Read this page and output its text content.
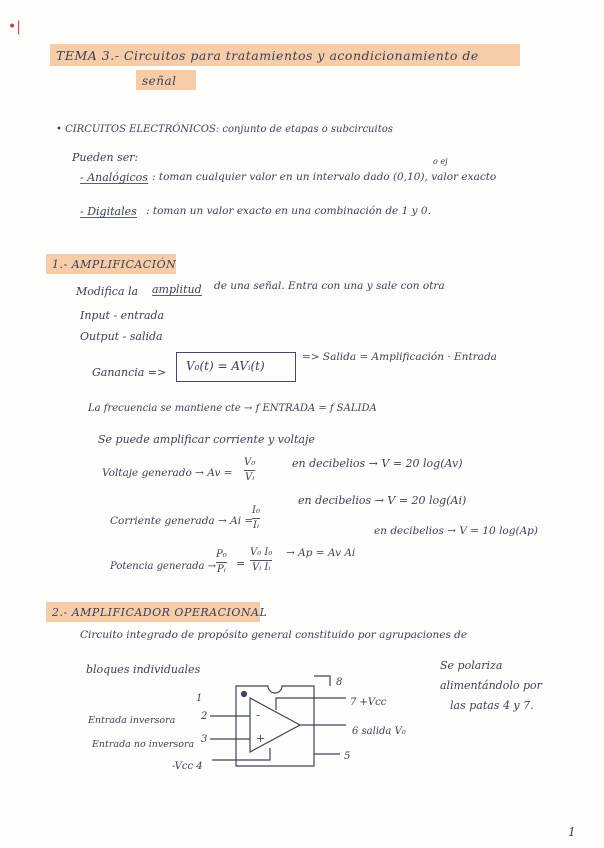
•|
TEMA 3.- Circuitos para tratamientos y acondicionamiento de
señal
• CIRCUITOS ELECTRÓNICOS: conjunto de etapas o subcircuitos
Pueden ser:
- Analógicos : toman cualquier valor en un intervalo dado (0,10), valor exacto
o ej
- Digitales : toman un valor exacto en una combinación de 1 y 0.
1.- AMPLIFICACIÓN
Modifica la amplitud de una señal. Entra con una y sale con otra
Input - entrada
Output - salida
Ganancia => V₀(t) = AVᵢ(t)
=> Salida = Amplificación · Entrada
La frecuencia se mantiene cte → f ENTRADA = f SALIDA
Se puede amplificar corriente y voltaje
Voltaje generado → Av =
V₀
Vᵢ
en decibelios → V = 20 log(Av)
Corriente generada → Ai =
I₀
Iᵢ
en decibelios → V = 20 log(Ai)
Potencia generada →
P₀
Pᵢ =
V₀ I₀
Vᵢ Iᵢ
→ Ap = Av Ai
en decibelios → V = 10 log(Ap)
2.- AMPLIFICADOR OPERACIONAL
Circuito integrado de propósito general constituido por agrupaciones de
bloques individuales	Se polariza
alimentándolo por
las patas 4 y 7.
-
+
1
2
3
-Vcc 4
5
6 salida V₀
7 +Vcc
8
Entrada inversora
Entrada no inversora
1
